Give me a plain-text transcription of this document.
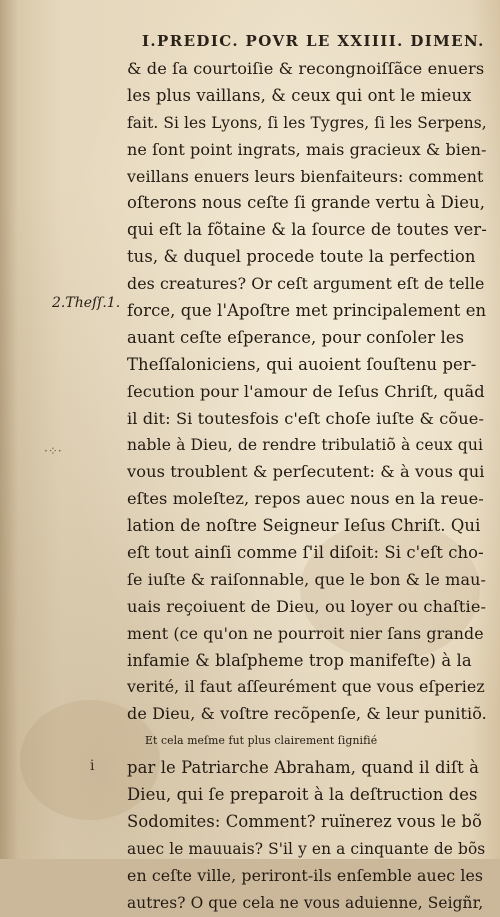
I.PREDIC. POVR LE XXIIII. DIMEN.
2.Theſſ.1.
·⁘·
i
& de ſa courtoiſie & recongnoiſſãce enuers
les plus vaillans, & ceux qui ont le mieux
fait. Si les Lyons, ſi les Tygres, ſi les Serpens,
ne ſont point ingrats, mais gracieux & bien-
veillans enuers leurs bienfaiteurs: comment
oſterons nous ceſte ſi grande vertu à Dieu,
qui eſt la fõtaine & la ſource de toutes ver-
tus, & duquel procede toute la perfection
des creatures? Or ceſt argument eſt de telle
force, que l'Apoſtre met principalement en
auant ceſte eſperance, pour conſoler les
Theſſaloniciens, qui auoient ſouſtenu per-
ſecution pour l'amour de Ieſus Chriſt, quãd
il dit: Si toutesfois c'eſt choſe iuſte & cõue-
nable à Dieu, de rendre tribulatiõ à ceux qui
vous troublent & perſecutent: & à vous qui
eſtes moleſtez, repos auec nous en la reue-
lation de noſtre Seigneur Ieſus Chriſt. Qui
eſt tout ainſi comme ſ'il diſoit: Si c'eſt cho-
ſe iuſte & raiſonnable, que le bon & le mau-
uais reçoiuent de Dieu, ou loyer ou chaſtie-
ment (ce qu'on ne pourroit nier ſans grande
infamie & blaſpheme trop manifeſte) à la
verité, il faut aſſeurément que vous eſperiez
de Dieu, & voſtre recõpenſe, & leur punitiõ.
Et cela meſme fut plus clairement ſignifié
par le Patriarche Abraham, quand il diſt à
Dieu, qui ſe preparoit à la deſtruction des
Sodomites: Comment? ruïnerez vous le bõ
auec le mauuais? S'il y en a cinquante de bõs
en ceſte ville, periront-ils enſemble auec les
autres? O que cela ne vous aduienne, Seigñr,
